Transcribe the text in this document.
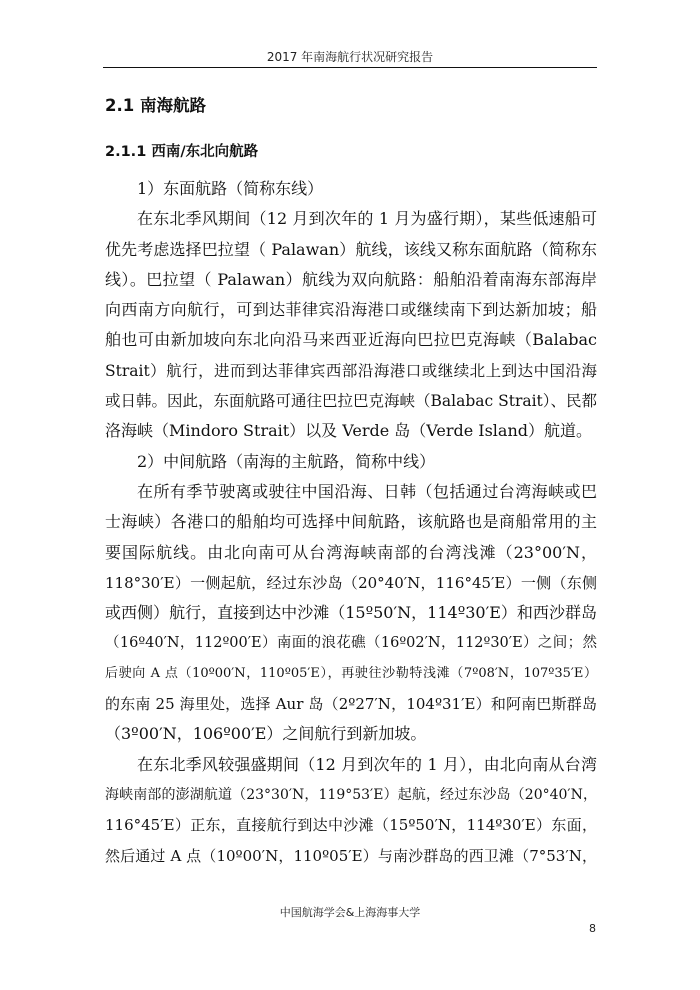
2017 年南海航行状况研究报告
2.1 南海航路
2.1.1 西南/东北向航路
1）东面航路（简称东线）
在东北季风期间（12 月到次年的 1 月为盛行期），某些低速船可
优先考虑选择巴拉望（ Palawan）航线，该线又称东面航路（简称东
线）。巴拉望（ Palawan）航线为双向航路：船舶沿着南海东部海岸
向西南方向航行，可到达菲律宾沿海港口或继续南下到达新加坡；船
舶也可由新加坡向东北向沿马来西亚近海向巴拉巴克海峡（Balabac
Strait）航行，进而到达菲律宾西部沿海港口或继续北上到达中国沿海
或日韩。因此，东面航路可通往巴拉巴克海峡（Balabac Strait）、民都
洛海峡（Mindoro Strait）以及 Verde 岛（Verde Island）航道。
2）中间航路（南海的主航路，简称中线）
在所有季节驶离或驶往中国沿海、日韩（包括通过台湾海峡或巴
士海峡）各港口的船舶均可选择中间航路，该航路也是商船常用的主
要国际航线。由北向南可从台湾海峡南部的台湾浅滩（23°00′N，
118°30′E）一侧起航，经过东沙岛（20°40′N，116°45′E）一侧（东侧
或西侧）航行，直接到达中沙滩（15º50′N，114º30′E）和西沙群岛
（16º40′N，112º00′E）南面的浪花礁（16º02′N，112º30′E）之间；然
后驶向 A 点（10º00′N，110º05′E），再驶往沙勒特浅滩（7º08′N，107º35′E）
的东南 25 海里处，选择 Aur 岛（2º27′N，104º31′E）和阿南巴斯群岛
（3º00′N，106º00′E）之间航行到新加坡。
在东北季风较强盛期间（12 月到次年的 1 月），由北向南从台湾
海峡南部的澎湖航道（23°30′N，119°53′E）起航，经过东沙岛（20°40′N，
116°45′E）正东，直接航行到达中沙滩（15º50′N，114º30′E）东面，
然后通过 A 点（10º00′N，110º05′E）与南沙群岛的西卫滩（7°53′N，
中国航海学会&上海海事大学
8
